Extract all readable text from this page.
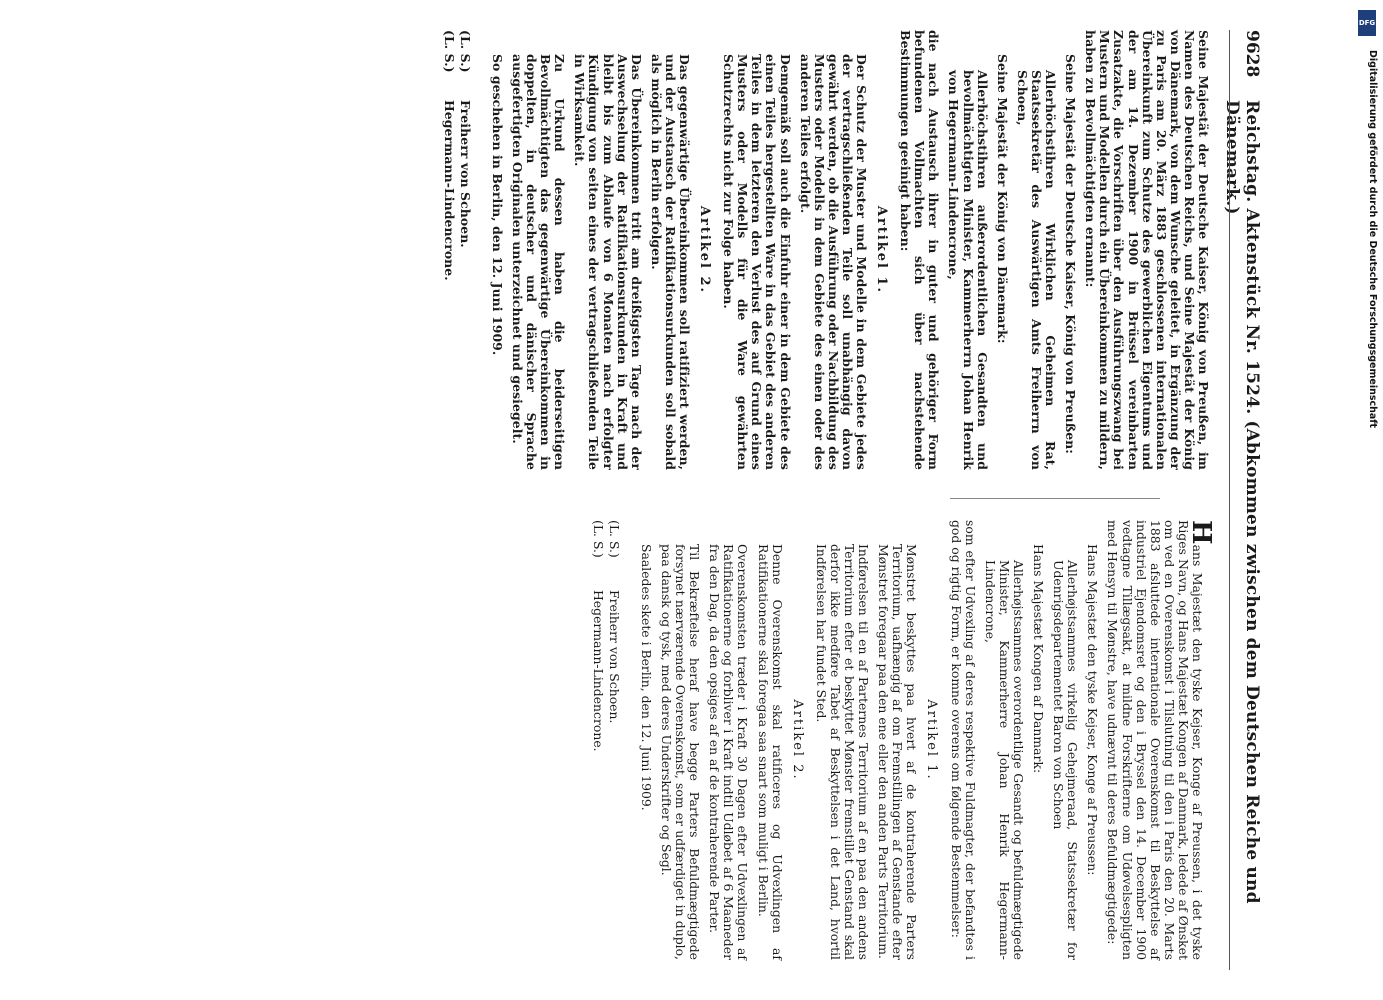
9628
Reichstag. Aktenstück Nr. 1524. (Abkommen zwischen dem Deutschen Reiche und Dänemark.)

Seine Majestät der Deutsche Kaiser, König von Preußen, im Namen des Deutschen Reichs, und Seine Majestät der König von Dänemark, von dem Wunsche geleitet, in Ergänzung der zu Paris am 20. März 1883 geschlossenen internationalen Übereinkunft zum Schutze des gewerblichen Eigentums und der am 14. Dezember 1900 in Brüssel vereinbarten Zusatzakte, die Vorschriften über den Ausführungszwang bei Mustern und Modellen durch ein Übereinkommen zu mildern, haben zu Bevollmächtigten ernannt:

Seine Majestät der Deutsche Kaiser, König von Preußen:

Allerhöchstihren Wirklichen Geheimen Rat, Staatssekretär des Auswärtigen Amts Freiherrn von Schoen,

Seine Majestät der König von Dänemark:

Allerhöchstihren außerordentlichen Gesandten und bevollmächtigten Minister, Kammerherrn Johan Henrik von Hegermann-Lindencrone,

die nach Austausch ihrer in guter und gehöriger Form befundenen Vollmachten sich über nachstehende Bestimmungen geeinigt haben:

Artikel 1.

Der Schutz der Muster und Modelle in dem Gebiete jedes der vertragschließenden Teile soll unabhängig davon gewährt werden, ob die Ausführung oder Nachbildung des Musters oder Modells in dem Gebiete des einen oder des anderen Teiles erfolgt.

Demgemäß soll auch die Einfuhr einer in dem Gebiete des einen Teiles hergestellten Ware in das Gebiet des anderen Teiles in dem letzteren den Verlust des auf Grund eines Musters oder Modells für die Ware gewährten Schutzrechts nicht zur Folge haben.

Artikel 2.

Das gegenwärtige Übereinkommen soll ratifiziert werden, und der Austausch der Ratifikationsurkunden soll sobald als möglich in Berlin erfolgen.

Das Übereinkommen tritt am dreißigsten Tage nach der Auswechselung der Ratifikationsurkunden in Kraft und bleibt bis zum Ablaufe von 6 Monaten nach erfolgter Kündigung von seiten eines der vertragschließenden Teile in Wirksamkeit.

Zu Urkund dessen haben die beiderseitigen Bevollmächtigten das gegenwärtige Übereinkommen in doppelten, in deutscher und dänischer Sprache ausgefertigten Originalen unterzeichnet und gesiegelt.

So geschehen in Berlin, den 12. Juni 1909.

(L. S.)Freiherr von Schoen.
(L. S.)Hegermann-Lindencrone.

Hans Majestæt den tyske Kejser, Konge af Preussen, i det tyske Riges Navn, og Hans Majestæt Kongen af Danmark, ledede af Ønsket om ved en Overenskomst i Tilslutning til den i Paris den 20. Marts 1883 afsluttede internationale Overenskomst til Beskyttelse af industriel Ejendomsret og den i Bryssel den 14. December 1900 vedtagne Tillægsakt, at mildne Forskrifterne om Udøvelsespligten med Hensyn til Mønstre, have udnævnt til deres Befuldmægtigede:

Hans Majestæt den tyske Kejser, Konge af Preussen:

Allerhøjstsammes virkelig Gehejmeraad, Statssekretær for Udenrigsdepartementet Baron von Schoen

Hans Majestæt Kongen af Danmark:

Allerhøjstsammes overordentlige Gesandt og befuldmægtigede Minister, Kammerherre Johan Henrik Hegermann-Lindencrone,

som efter Udvexling af deres respektive Fuldmagter, der befandtes i god og rigtig Form, er komne overens om følgende Bestemmelser:

Artikel 1.

Mønstret beskyttes paa hvert af de kontraherende Parters Territorium, uafhængig af om Fremstillingen af Genstande efter Mønstret foregaar paa den ene eller den anden Parts Territorium.

Indførelsen til en af Parternes Territorium af en paa den andens Territorium efter et beskyttet Mønster fremstillet Genstand skal derfor ikke medføre Tabet af Beskyttelsen i det Land, hvortil Indførelsen har fundet Sted.

Artikel 2.

Denne Overenskomst skal ratificeres og Udvexlingen af Ratifikationerne skal foregaa saa snart som muligt i Berlin.

Overenskomsten træder i Kraft 30 Dagen efter Udvexlingen af Ratifikationerne og forbliver i Kraft indtil Udløbet af 6 Maaneder fra den Dag, da den opsiges af en af de kontraherende Parter.

Til Bekræftelse heraf have begge Parters Befuldmægtigede forsynet nærværende Overenskomst, som er udfærdiget in duplo, paa dansk og tysk, med deres Underskrifter og Segl.

Saaledes skete i Berlin, den 12. Juni 1909.

(L. S.)Freiherr von Schoen.
(L. S.)Hegermann-Lindencrone.
DFG
Digitalisierung gefördert durch die Deutsche Forschungsgemeinschaft
